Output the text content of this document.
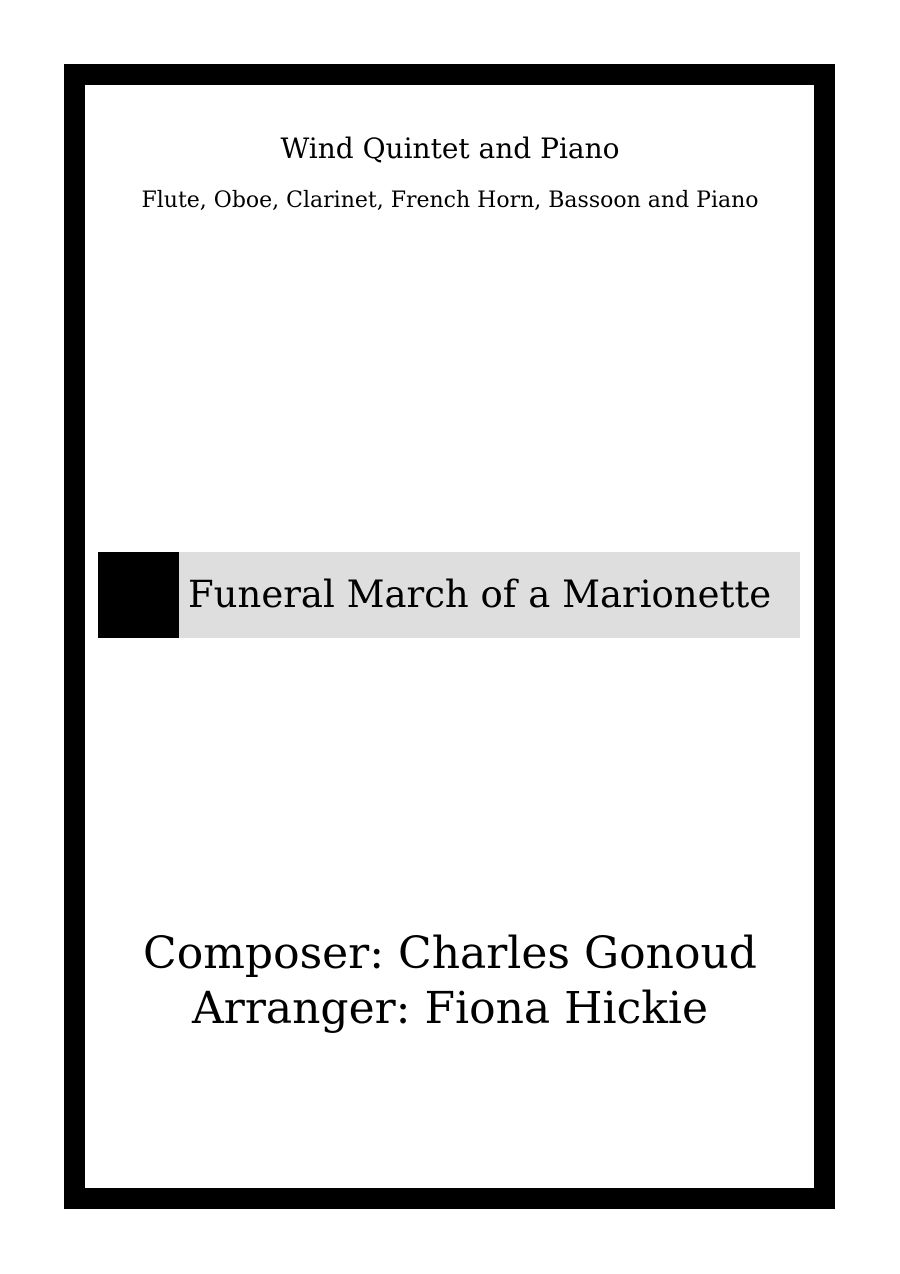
Wind Quintet and Piano
Flute, Oboe, Clarinet, French Horn, Bassoon and Piano
Funeral March of a Marionette
Composer: Charles Gonoud
Arranger: Fiona Hickie
